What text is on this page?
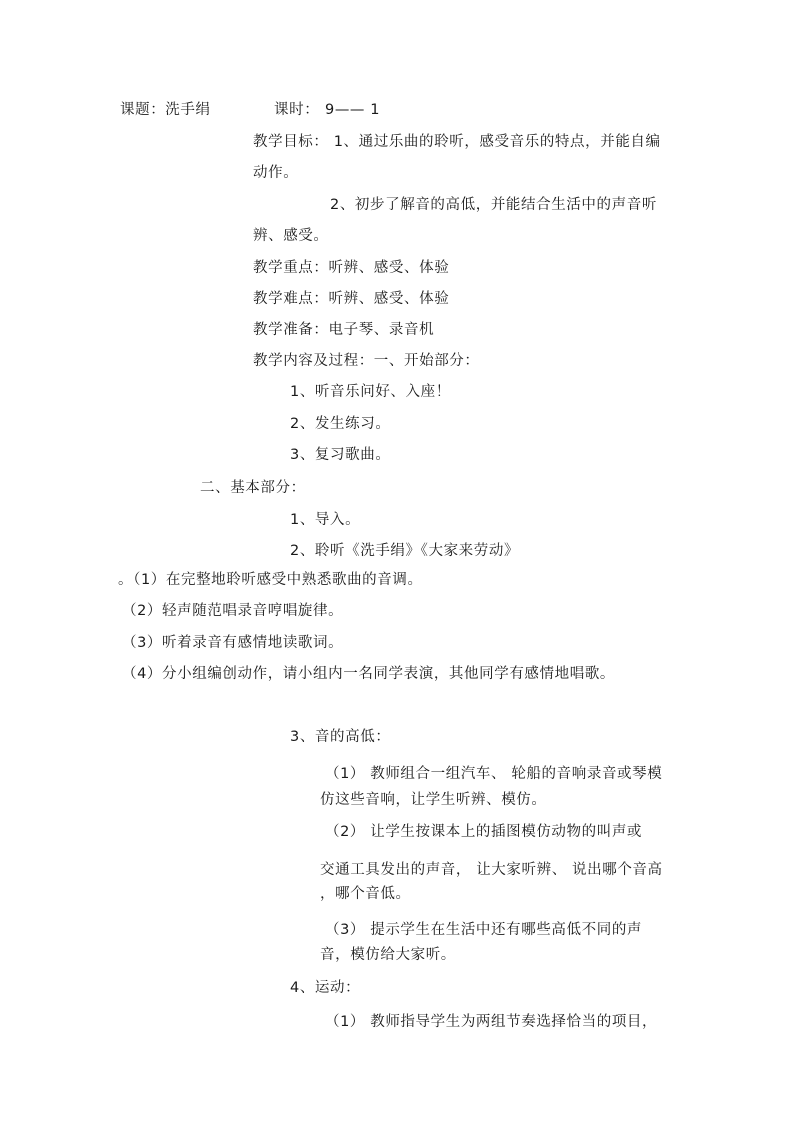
课题：洗手绢	课时： 9—— 1
教学目标： 1、通过乐曲的聆听，感受音乐的特点，并能自编
动作。
2、初步了解音的高低，并能结合生活中的声音听
辨、感受。
教学重点：听辨、感受、体验
教学难点：听辨、感受、体验
教学准备：电子琴、录音机
教学内容及过程：一、开始部分：
1、听音乐问好、入座！
2、发生练习。
3、复习歌曲。
二、基本部分：
1、导入。
2、聆听《洗手绢》《大家来劳动》
。（1）在完整地聆听感受中熟悉歌曲的音调。
（2）轻声随范唱录音哼唱旋律。
（3）听着录音有感情地读歌词。
（4）分小组编创动作，请小组内一名同学表演，其他同学有感情地唱歌。
3、音的高低：
（1） 教师组合一组汽车、 轮船的音响录音或琴模
仿这些音响，让学生听辨、模仿。
（2） 让学生按课本上的插图模仿动物的叫声或
交通工具发出的声音， 让大家听辨、 说出哪个音高
，哪个音低。
（3） 提示学生在生活中还有哪些高低不同的声
音，模仿给大家听。
4、运动：
（1） 教师指导学生为两组节奏选择恰当的项目，
